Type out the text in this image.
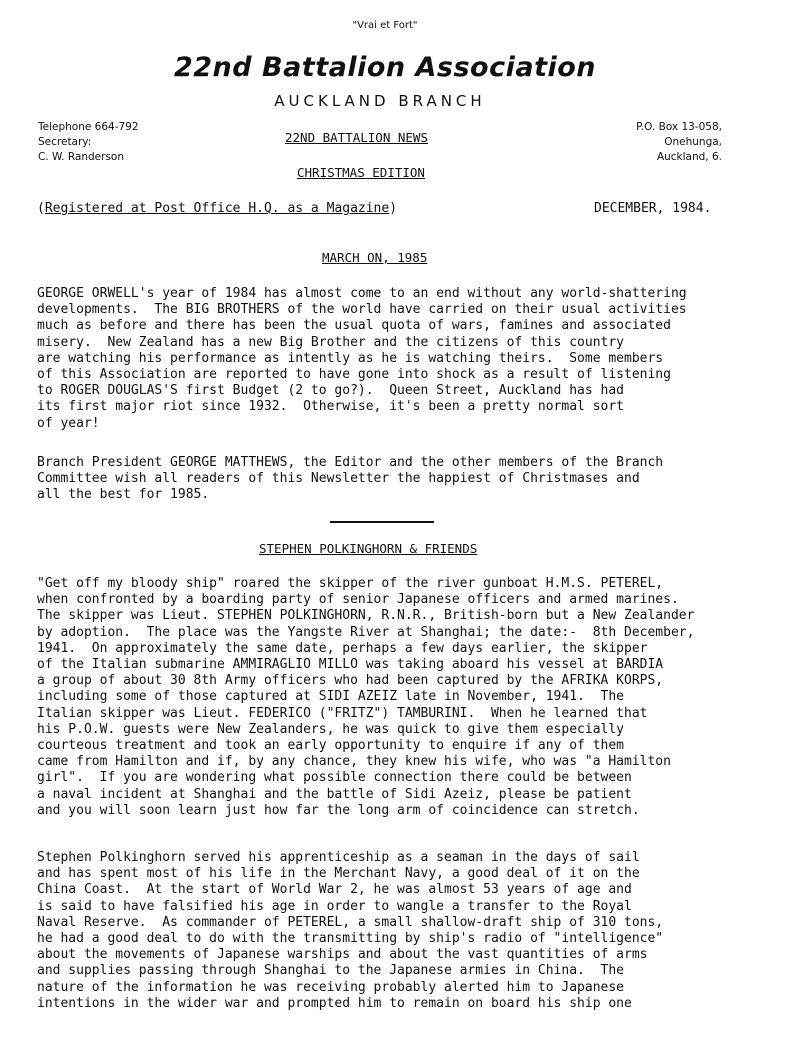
"Vrai et Fort"
22nd Battalion Association
AUCKLAND BRANCH
Telephone 664-792
Secretary:
C. W. Randerson
P.O. Box 13-058,
Onehunga,
Auckland, 6.
22ND BATTALION NEWS
CHRISTMAS EDITION
(Registered at Post Office H.Q. as a Magazine)	DECEMBER, 1984.
MARCH ON, 1985
GEORGE ORWELL's year of 1984 has almost come to an end without any world-shattering
developments.  The BIG BROTHERS of the world have carried on their usual activities
much as before and there has been the usual quota of wars, famines and associated
misery.  New Zealand has a new Big Brother and the citizens of this country
are watching his performance as intently as he is watching theirs.  Some members
of this Association are reported to have gone into shock as a result of listening
to ROGER DOUGLAS'S first Budget (2 to go?).  Queen Street, Auckland has had
its first major riot since 1932.  Otherwise, it's been a pretty normal sort
of year!
Branch President GEORGE MATTHEWS, the Editor and the other members of the Branch
Committee wish all readers of this Newsletter the happiest of Christmases and
all the best for 1985.
STEPHEN POLKINGHORN & FRIENDS
"Get off my bloody ship" roared the skipper of the river gunboat H.M.S. PETEREL,
when confronted by a boarding party of senior Japanese officers and armed marines.
The skipper was Lieut. STEPHEN POLKINGHORN, R.N.R., British-born but a New Zealander
by adoption.  The place was the Yangste River at Shanghai; the date:-  8th December,
1941.  On approximately the same date, perhaps a few days earlier, the skipper
of the Italian submarine AMMIRAGLIO MILLO was taking aboard his vessel at BARDIA
a group of about 30 8th Army officers who had been captured by the AFRIKA KORPS,
including some of those captured at SIDI AZEIZ late in November, 1941.  The
Italian skipper was Lieut. FEDERICO ("FRITZ") TAMBURINI.  When he learned that
his P.O.W. guests were New Zealanders, he was quick to give them especially
courteous treatment and took an early opportunity to enquire if any of them
came from Hamilton and if, by any chance, they knew his wife, who was "a Hamilton
girl".  If you are wondering what possible connection there could be between
a naval incident at Shanghai and the battle of Sidi Azeiz, please be patient
and you will soon learn just how far the long arm of coincidence can stretch.
Stephen Polkinghorn served his apprenticeship as a seaman in the days of sail
and has spent most of his life in the Merchant Navy, a good deal of it on the
China Coast.  At the start of World War 2, he was almost 53 years of age and
is said to have falsified his age in order to wangle a transfer to the Royal
Naval Reserve.  As commander of PETEREL, a small shallow-draft ship of 310 tons,
he had a good deal to do with the transmitting by ship's radio of "intelligence"
about the movements of Japanese warships and about the vast quantities of arms
and supplies passing through Shanghai to the Japanese armies in China.  The
nature of the information he was receiving probably alerted him to Japanese
intentions in the wider war and prompted him to remain on board his ship one
